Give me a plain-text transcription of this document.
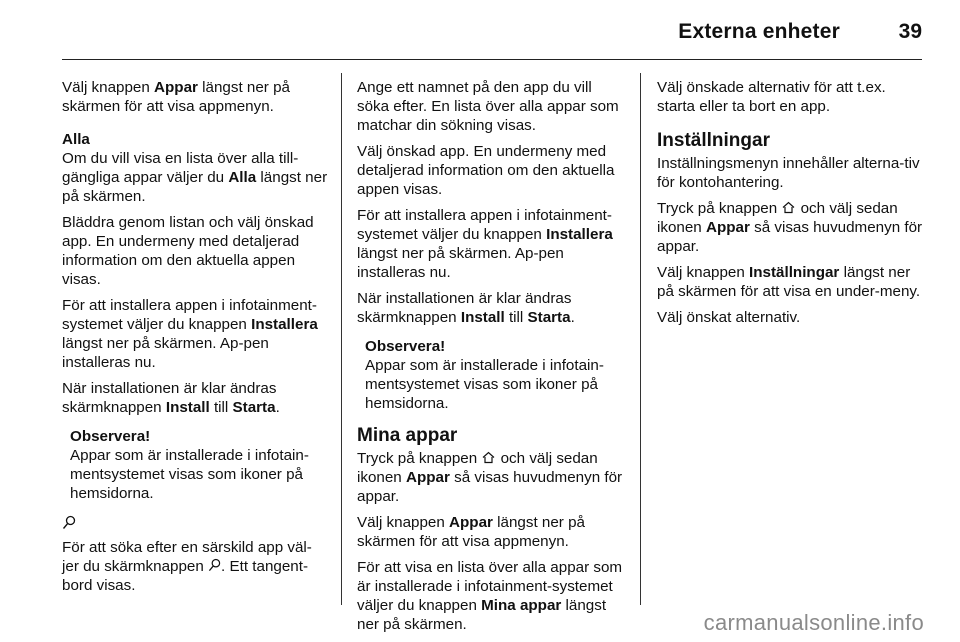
Externa enheter	39

Välj knappen Appar längst ner på skärmen för att visa appmenyn.

Alla
Om du vill visa en lista över alla till-gängliga appar väljer du Alla längst ner på skärmen.

Bläddra genom listan och välj önskad app. En undermeny med detaljerad information om den aktuella appen visas.

För att installera appen i infotainment-systemet väljer du knappen Installera längst ner på skärmen. Ap-pen installeras nu.

När installationen är klar ändras skärmknappen Install till Starta.

Observera!
Appar som är installerade i infotain-mentsystemet visas som ikoner på hemsidorna.

För att söka efter en särskild app väl-jer du skärmknappen . Ett tangent-bord visas.

Ange ett namnet på den app du vill söka efter. En lista över alla appar som matchar din sökning visas.

Välj önskad app. En undermeny med detaljerad information om den aktuella appen visas.

För att installera appen i infotainment-systemet väljer du knappen Installera längst ner på skärmen. Ap-pen installeras nu.

När installationen är klar ändras skärmknappen Install till Starta.

Observera!
Appar som är installerade i infotain-mentsystemet visas som ikoner på hemsidorna.
Mina appar

Tryck på knappen  och välj sedan ikonen Appar så visas huvudmenyn för appar.

Välj knappen Appar längst ner på skärmen för att visa appmenyn.

För att visa en lista över alla appar som är installerade i infotainment-systemet väljer du knappen Mina appar längst ner på skärmen.

Välj önskade alternativ för att t.ex. starta eller ta bort en app.

Inställningar

Inställningsmenyn innehåller alterna-tiv för kontohantering.

Tryck på knappen  och välj sedan ikonen Appar så visas huvudmenyn för appar.

Välj knappen Inställningar längst ner på skärmen för att visa en under-meny.

Välj önskat alternativ.

carmanualsonline.info
